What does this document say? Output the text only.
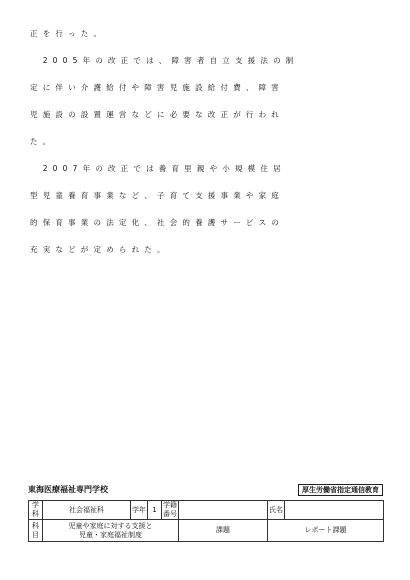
正を行った。
　2005年の改正では、障害者自立支援法の制
定に伴い介護給付や障害児施設給付費、障害
児施設の設置運営などに必要な改正が行われ
た。
　2007年の改正では養育里親や小規模住居
型児童養育事業など、子育て支援事業や家庭
的保育事業の法定化、社会的養護サービスの
充実などが定められた。
東海医療福祉専門学校	厚生労働省指定通信教育
学科	社会福祉科	学年	1	学籍番号		氏名	
科目	児童や家庭に対する支援と
児童・家庭福祉制度				課題	レポート課題	
